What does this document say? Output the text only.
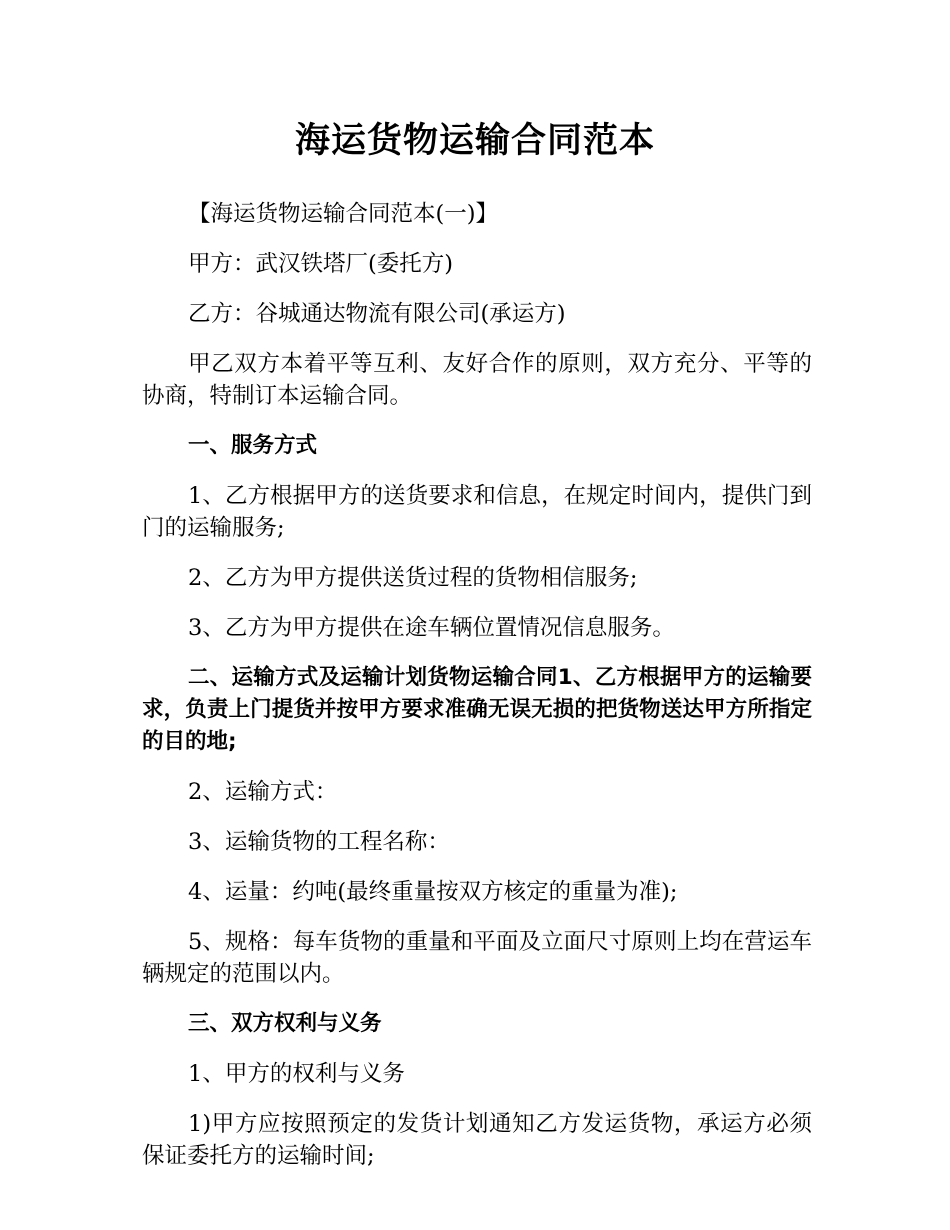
海运货物运输合同范本

【海运货物运输合同范本(一)】

甲方：武汉铁塔厂(委托方)

乙方：谷城通达物流有限公司(承运方)

甲乙双方本着平等互利、友好合作的原则，双方充分、平等的协商，特制订本运输合同。

一、服务方式

1、乙方根据甲方的送货要求和信息，在规定时间内，提供门到门的运输服务;

2、乙方为甲方提供送货过程的货物相信服务;

3、乙方为甲方提供在途车辆位置情况信息服务。

二、运输方式及运输计划货物运输合同1、乙方根据甲方的运输要求，负责上门提货并按甲方要求准确无误无损的把货物送达甲方所指定的目的地;

2、运输方式：

3、运输货物的工程名称：

4、运量：约吨(最终重量按双方核定的重量为准);

5、规格：每车货物的重量和平面及立面尺寸原则上均在营运车辆规定的范围以内。

三、双方权利与义务

1、甲方的权利与义务

1)甲方应按照预定的发货计划通知乙方发运货物，承运方必须保证委托方的运输时间;
